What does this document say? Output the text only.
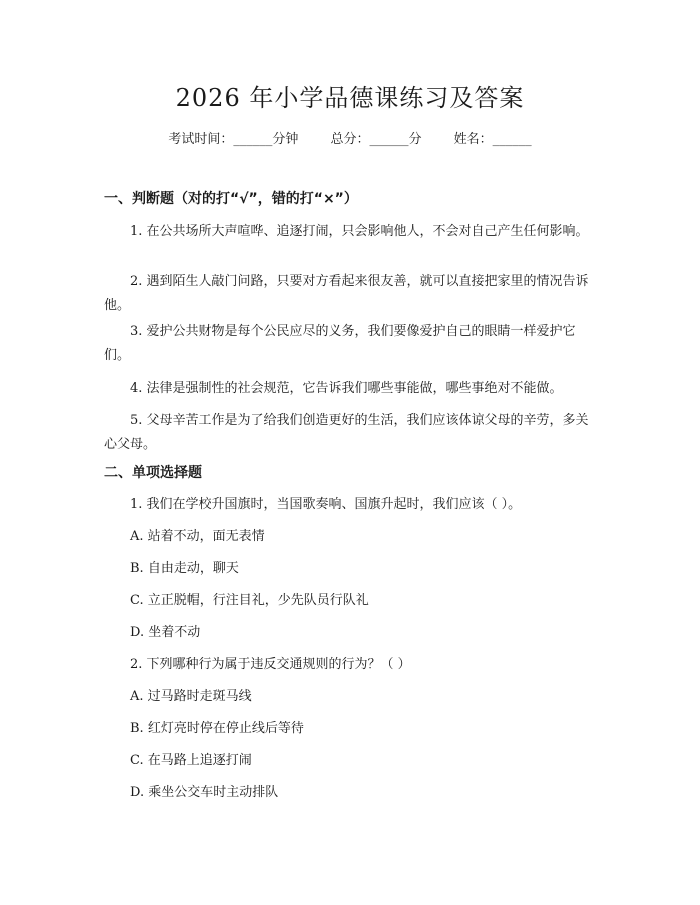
2026 年小学品德课练习及答案
考试时间：______分钟 总分：______分 姓名：______
一、判断题（对的打“√”，错的打“×”）
1. 在公共场所大声喧哗、追逐打闹，只会影响他人，不会对自己产生任何影响。
2. 遇到陌生人敲门问路，只要对方看起来很友善，就可以直接把家里的情况告诉他。
3. 爱护公共财物是每个公民应尽的义务，我们要像爱护自己的眼睛一样爱护它们。
4. 法律是强制性的社会规范，它告诉我们哪些事能做，哪些事绝对不能做。
5. 父母辛苦工作是为了给我们创造更好的生活，我们应该体谅父母的辛劳，多关心父母。
二、单项选择题
1. 我们在学校升国旗时，当国歌奏响、国旗升起时，我们应该（ ）。
A. 站着不动，面无表情
B. 自由走动，聊天
C. 立正脱帽，行注目礼，少先队员行队礼
D. 坐着不动
2. 下列哪种行为属于违反交通规则的行为？（ ）
A. 过马路时走斑马线
B. 红灯亮时停在停止线后等待
C. 在马路上追逐打闹
D. 乘坐公交车时主动排队
